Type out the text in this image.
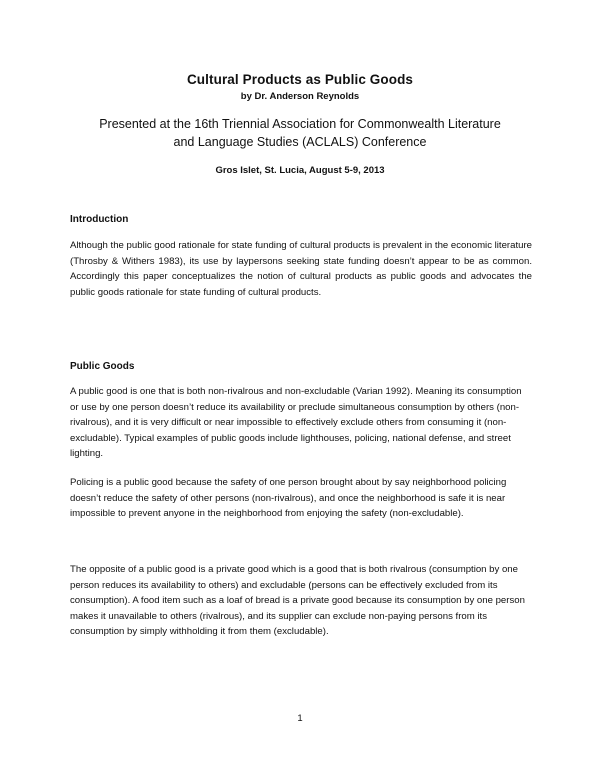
Cultural Products as Public Goods
by Dr. Anderson Reynolds
Presented at the 16th Triennial Association for Commonwealth Literature and Language Studies (ACLALS) Conference
Gros Islet, St. Lucia, August 5-9, 2013
Introduction

Although the public good rationale for state funding of cultural products is prevalent in the economic literature (Throsby & Withers 1983), its use by laypersons seeking state funding doesn’t appear to be as common. Accordingly this paper conceptualizes the notion of cultural products as public goods and advocates the public goods rationale for state funding of cultural products.

Public Goods

A public good is one that is both non-rivalrous and non-excludable (Varian 1992). Meaning its consumption or use by one person doesn’t reduce its availability or preclude simultaneous consumption by others (non-rivalrous), and it is very difficult or near impossible to effectively exclude others from consuming it (non-excludable). Typical examples of public goods include lighthouses, policing, national defense, and street lighting.

Policing is a public good because the safety of one person brought about by say neighborhood policing doesn’t reduce the safety of other persons (non-rivalrous), and once the neighborhood is safe it is near impossible to prevent anyone in the neighborhood from enjoying the safety (non-excludable).

The opposite of a public good is a private good which is a good that is both rivalrous (consumption by one person reduces its availability to others) and excludable (persons can be effectively excluded from its consumption). A food item such as a loaf of bread is a private good because its consumption by one person makes it unavailable to others (rivalrous), and its supplier can exclude non-paying persons from its consumption by simply withholding it from them (excludable).

1
